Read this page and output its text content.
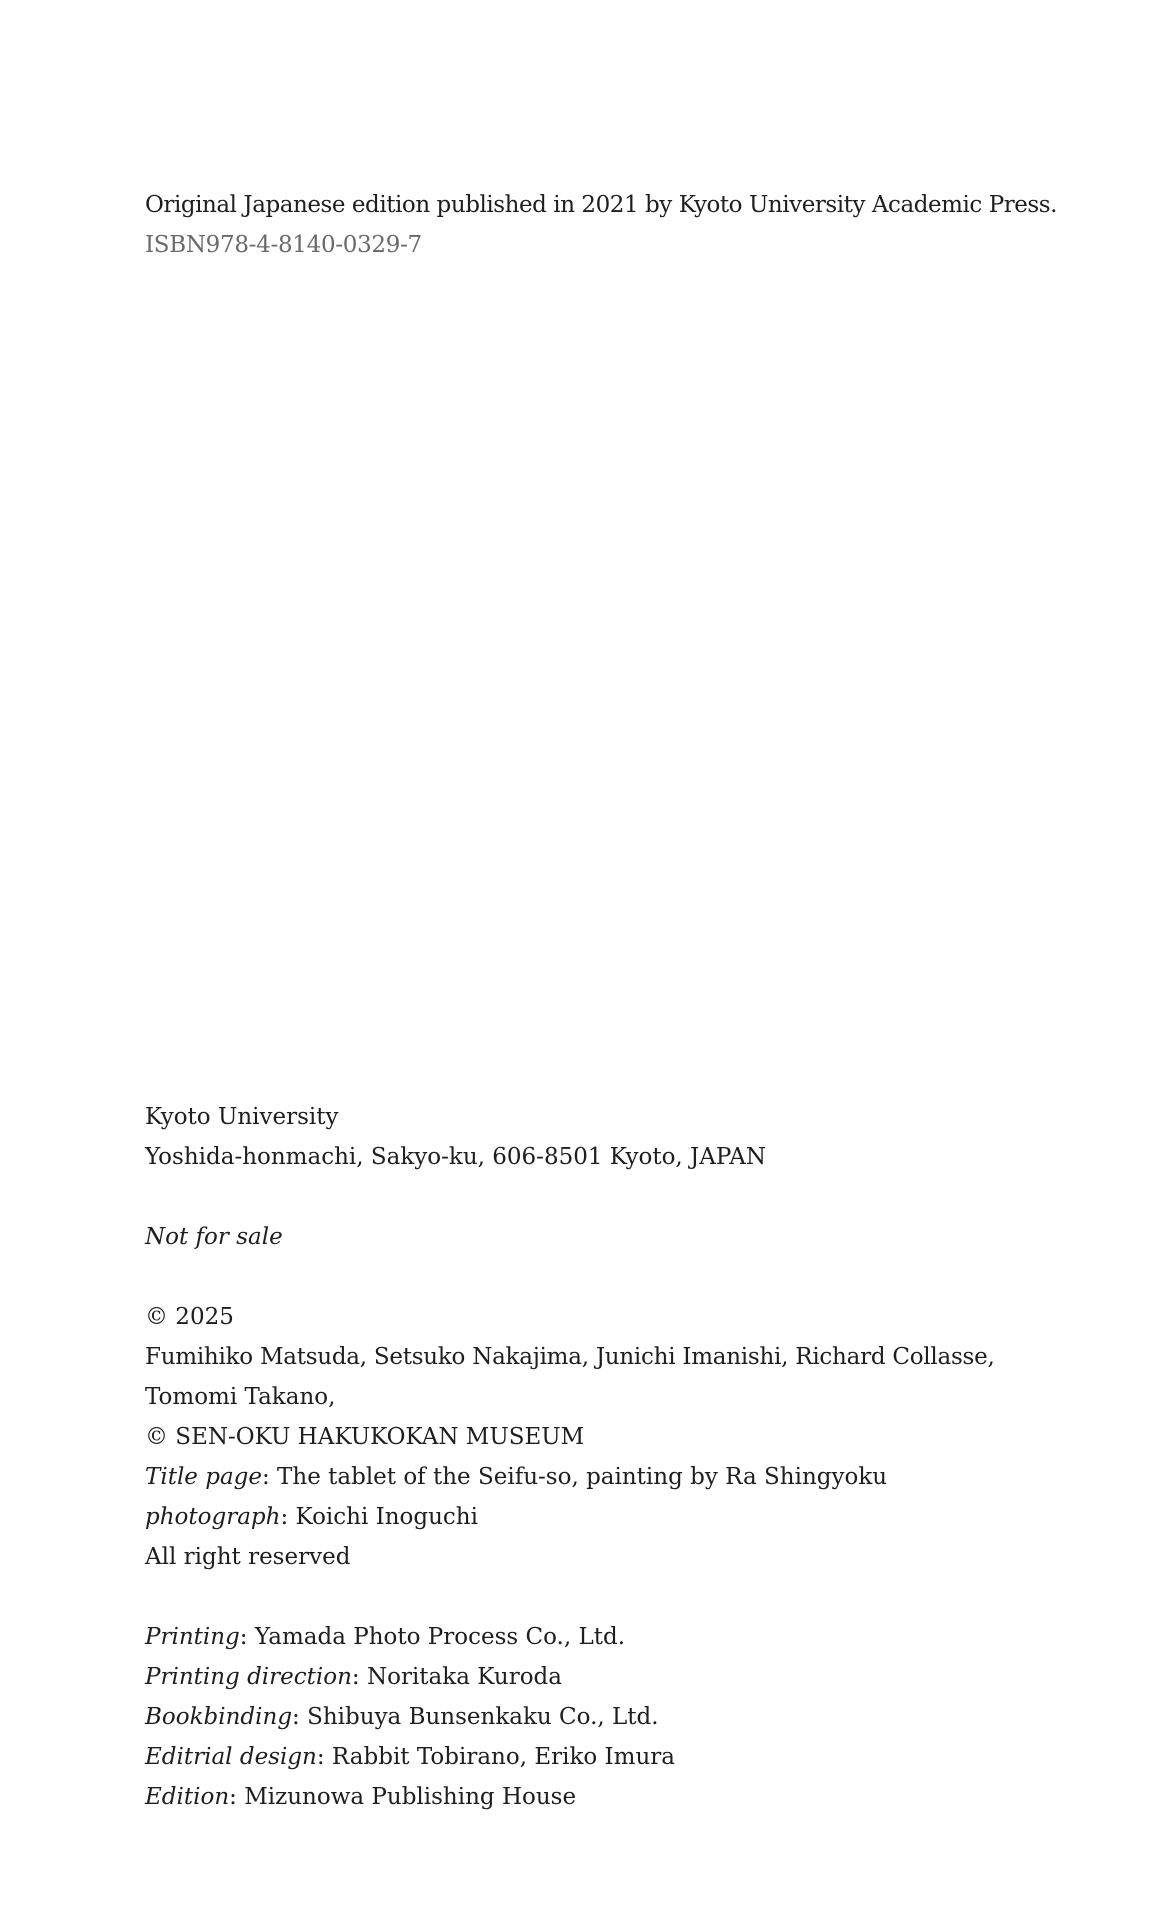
Original Japanese edition published in 2021 by Kyoto University Academic Press.
ISBN978-4-8140-0329-7
Kyoto University
Yoshida-honmachi, Sakyo-ku, 606-8501 Kyoto, JAPAN
Not for sale
© 2025
Fumihiko Matsuda, Setsuko Nakajima, Junichi Imanishi, Richard Collasse,
Tomomi Takano,
© SEN-OKU HAKUKOKAN MUSEUM
Title page: The tablet of the Seifu-so, painting by Ra Shingyoku
photograph: Koichi Inoguchi
All right reserved
Printing: Yamada Photo Process Co., Ltd.
Printing direction: Noritaka Kuroda
Bookbinding: Shibuya Bunsenkaku Co., Ltd.
Editrial design: Rabbit Tobirano, Eriko Imura
Edition: Mizunowa Publishing House
